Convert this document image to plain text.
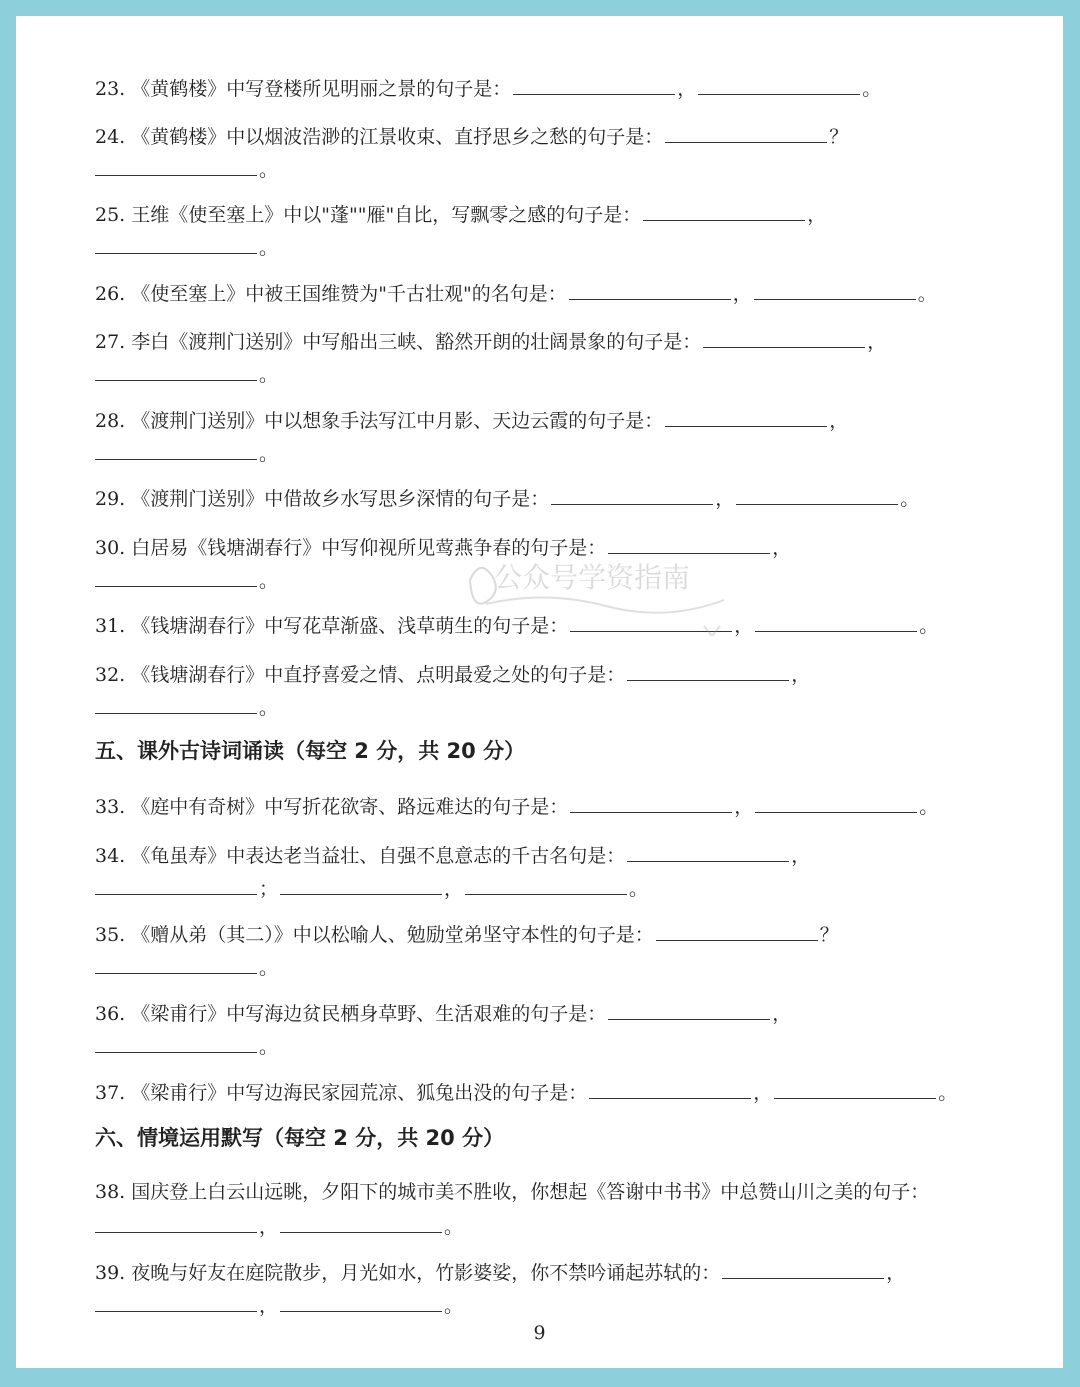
23. 《黄鹤楼》中写登楼所见明丽之景的句子是：	，	。
24. 《黄鹤楼》中以烟波浩渺的江景收束、直抒思乡之愁的句子是：	？
。
25. 王维《使至塞上》中以"蓬""雁"自比，写飘零之感的句子是：	，
。
26. 《使至塞上》中被王国维赞为"千古壮观"的名句是：	，	。
27. 李白《渡荆门送别》中写船出三峡、豁然开朗的壮阔景象的句子是：	，
。
28. 《渡荆门送别》中以想象手法写江中月影、天边云霞的句子是：	，
。
29. 《渡荆门送别》中借故乡水写思乡深情的句子是：	，	。
30. 白居易《钱塘湖春行》中写仰视所见莺燕争春的句子是：	，
。
31. 《钱塘湖春行》中写花草渐盛、浅草萌生的句子是：	，	。
32. 《钱塘湖春行》中直抒喜爱之情、点明最爱之处的句子是：	，
。
五、课外古诗词诵读（每空 2 分，共 20 分）
33. 《庭中有奇树》中写折花欲寄、路远难达的句子是：	，	。
34. 《龟虽寿》中表达老当益壮、自强不息意志的千古名句是：	，
；	，	。
35. 《赠从弟（其二）》中以松喻人、勉励堂弟坚守本性的句子是：	？
。
36. 《梁甫行》中写海边贫民栖身草野、生活艰难的句子是：	，
。
37. 《梁甫行》中写边海民家园荒凉、狐兔出没的句子是：	，	。
六、情境运用默写（每空 2 分，共 20 分）
38. 国庆登上白云山远眺，夕阳下的城市美不胜收，你想起《答谢中书书》中总赞山川之美的句子：
，	。
39. 夜晚与好友在庭院散步，月光如水，竹影婆娑，你不禁吟诵起苏轼的：	，
，	。
公众号学资指南
9
